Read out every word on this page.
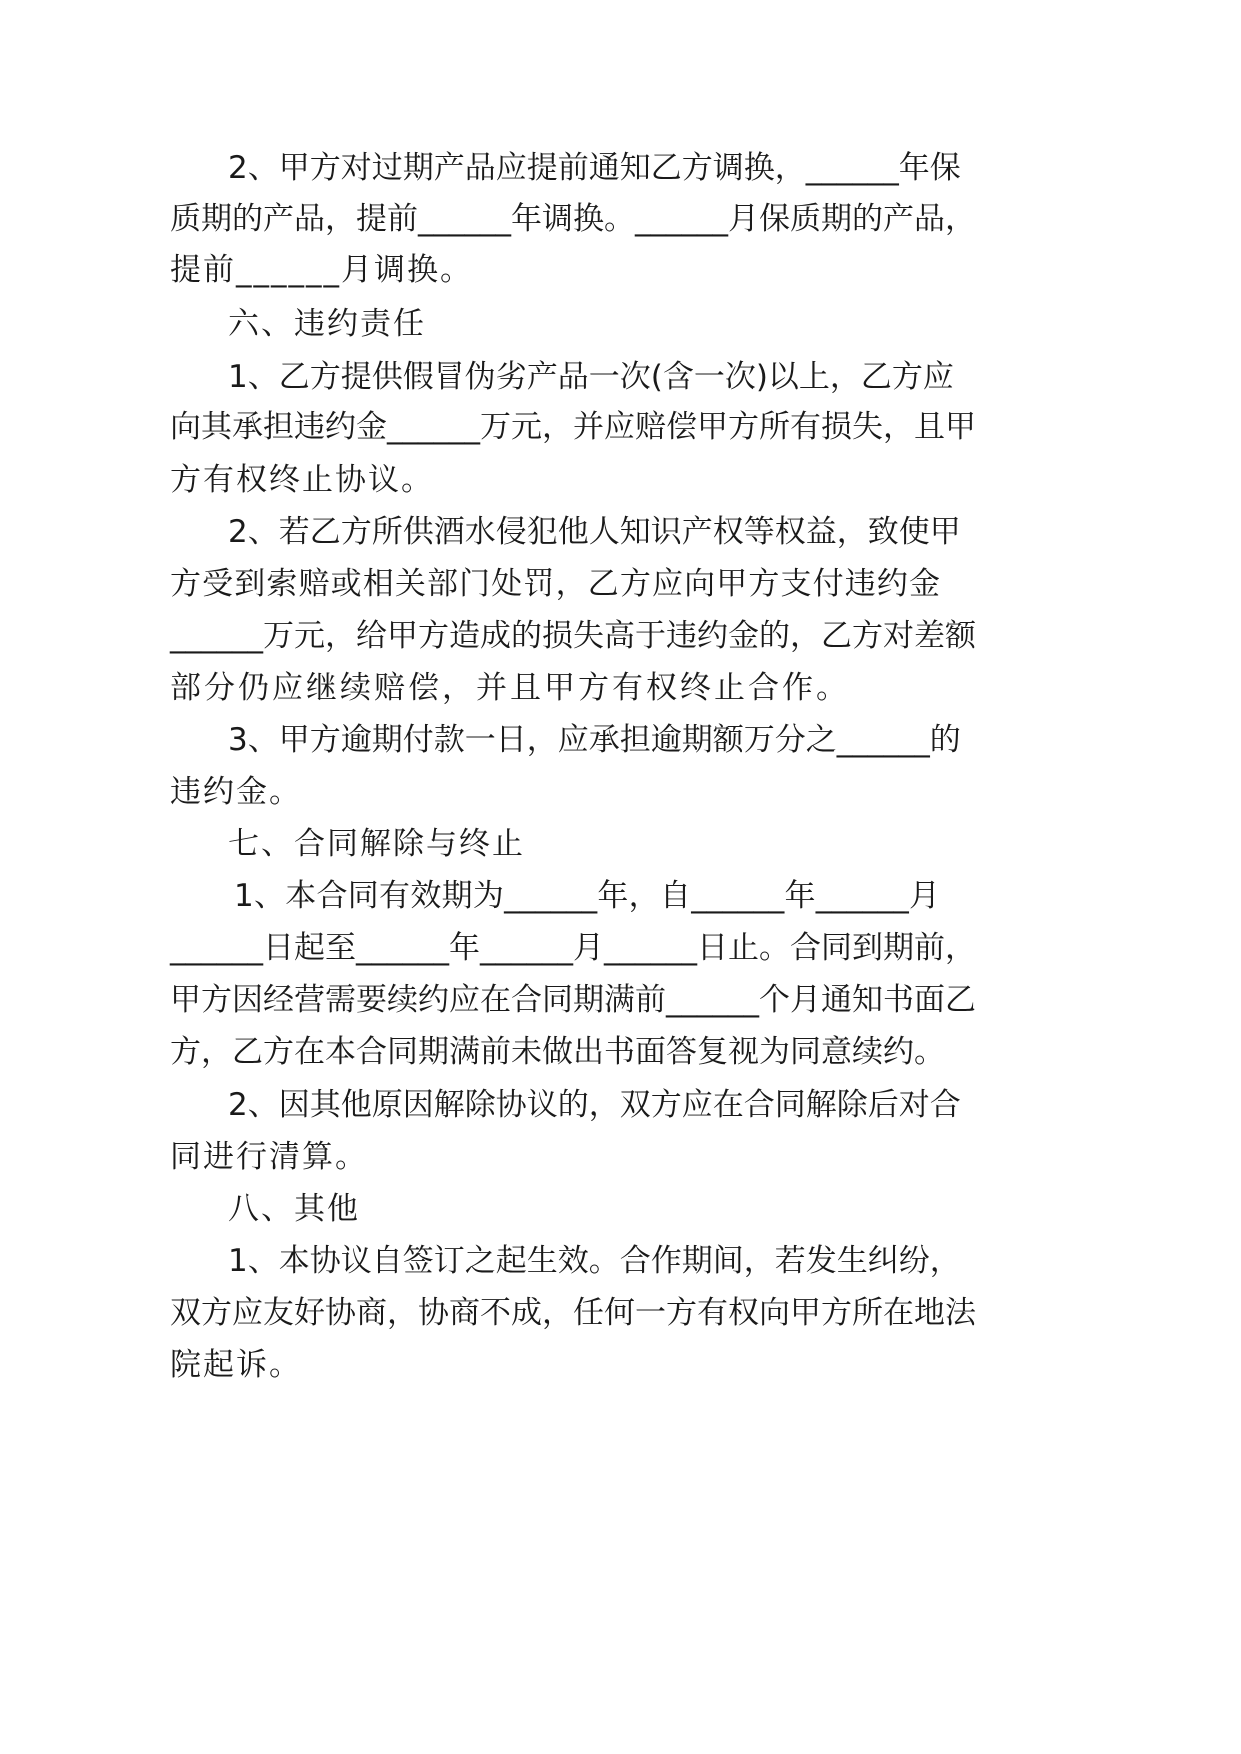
2、甲方对过期产品应提前通知乙方调换，______年保
质期的产品，提前______年调换。______月保质期的产品，
提前______月调换。
六、违约责任
1、乙方提供假冒伪劣产品一次(含一次)以上，乙方应
向其承担违约金______万元，并应赔偿甲方所有损失，且甲
方有权终止协议。
2、若乙方所供酒水侵犯他人知识产权等权益，致使甲
方受到索赔或相关部门处罚，乙方应向甲方支付违约金
______万元，给甲方造成的损失高于违约金的，乙方对差额
部分仍应继续赔偿，并且甲方有权终止合作。
3、甲方逾期付款一日，应承担逾期额万分之______的
违约金。
七、合同解除与终止
1、本合同有效期为______年，自______年______月
______日起至______年______月______日止。合同到期前，
甲方因经营需要续约应在合同期满前______个月通知书面乙
方，乙方在本合同期满前未做出书面答复视为同意续约。
2、因其他原因解除协议的，双方应在合同解除后对合
同进行清算。
八、其他
1、本协议自签订之起生效。合作期间，若发生纠纷，
双方应友好协商，协商不成，任何一方有权向甲方所在地法
院起诉。
